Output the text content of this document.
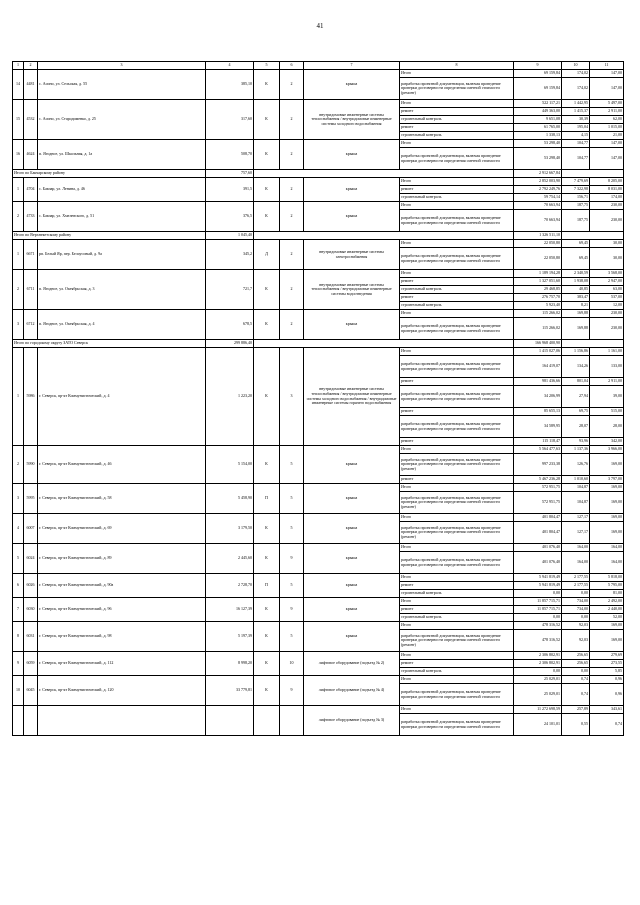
41
1	2	3	4	5	6	7	8	9	10	11
14	4481	с. Асино, ул. Сельская, д. 55	385,10	К	2	крыша	Итого	69 159,84	174,02	147,00
							разработка проектной документации, включая проведение проверки достоверности определения сметной стоимости (ремонт)	69 159,84	174,02	147,00
15	4532	с. Асино, ул. Стародименко, д. 25	317,60	К	2	внутридомовые инженерные системы теплоснабжения / внутридомовые инженерные системы холодного водоснабжения	Итого	522 117,21	1 442,95	5 497,00
							ремонт	449 363,00	1 415,37	2 911,00
							строительный контроль	9 651,08	30,39	62,00
							ремонт	61 765,00	195,04	1 015,00
							строительный контроль	1 338,13	4,15	21,00
16	4624	п. Ягодное, ул. Школьная, д. 1а	508,70	К	2	крыша	Итого	53 298,40	104,77	147,00
							разработка проектной документации, включая проведение проверки достоверности определения сметной стоимости	53 298,40	104,77	147,00
Итого по Бакчарскому району			757,60					2 912 667,84		
1	4704	с. Бакчар, ул. Ленина, д. 46	391,5	К	2	крыша	Итого	2 852 003,90	7 479,69	8 205,00
							ремонт	2 792 249,76	7 322,98	8 031,00
							строительный контроль	59 754,14	156,71	174,00
2	4733	с. Бакчар, ул. Хмелевского, д. 51	376,5	К	2	крыша	Итого	70 663,94	187,75	230,00
							разработка проектной документации, включая проведение проверки достоверности определения сметной стоимости	70 663,94	187,75	230,00
Итого по Верхнекетскому району			1 045,40					1 326 511,10		
1	6671	рп. Белый Яр, пер. Белоусовый, д. 9а	345,2	Д	2	внутридомовые инженерные системы электроснабжения	Итого	22 050,80	69,45	30,00
							разработка проектной документации, включая проведение проверки достоверности определения сметной стоимости	22 050,80	69,45	30,00
2	6711	п. Ягодное, ул. Октябрьская, д. 3	721,7	К	2	внутридомовые инженерные системы теплоснабжения / внутридомовые инженерные системы водоотведения	Итого	1 189 194,28	2 340,59	3 568,00
							ремонт	1 327 051,60	1 938,08	2 947,00
							строительный контроль	29 468,85	40,85	63,00
							ремонт	276 757,70	383,47	537,00
							строительный контроль	5 923,40	8,21	12,00
3	6712	п. Ягодное, ул. Октябрьская, д. 4	678,5	К	2	крыша	Итого	115 266,02	169,88	230,00
							разработка проектной документации, включая проведение проверки достоверности определения сметной стоимости	115 266,02	169,88	230,00
Итого по городскому округу ЗАТО Северск			299 886,40					166 968 400,90		
1	5986	г. Северск, пр-кт Коммунистический, д. 4	1 223,20	К	3	внутридомовые инженерные системы теплоснабжения / внутридомовые инженерные системы холодного водоснабжения / внутридомовые инженерные системы горячего водоснабжения	Итого	1 415 027,06	1 156,86	1 161,00
							разработка проектной документации, включая проведение проверки достоверности определения сметной стоимости	164 419,07	134,26	133,00
							ремонт	981 436,66	801,04	2 911,00
							разработка проектной документации, включая проведение проверки достоверности определения сметной стоимости	34 206,99	27,94	39,00
							ремонт	85 655,13	69,75	515,00
							разработка проектной документации, включая проведение проверки достоверности определения сметной стоимости	34 589,95	28,07	28,00
							ремонт	115 118,47	93,96	342,00
2	5990	г. Северск, пр-кт Коммунистический, д. 46	5 154,00	К	5	крыша	Итого	5 564 477,63	1 137,36	3 966,00
							разработка проектной документации, включая проведение проверки достоверности определения сметной стоимости (ремонт)	997 233,38	126,76	169,00
							ремонт	5 467 236,28	1 010,60	3 797,00
3	5995	г. Северск, пр-кт Коммунистический, д. 58	5 458,90	П	5	крыша	Итого	572 951,75	104,87	169,00
							разработка проектной документации, включая проведение проверки достоверности определения сметной стоимости (ремонт)	572 951,75	104,87	169,00
4	6007	г. Северск, пр-кт Коммунистический, д. 69	3 179,50	К	5	крыша	Итого	401 804,47	127,17	169,00
							разработка проектной документации, включая проведение проверки достоверности определения сметной стоимости (ремонт)	401 804,47	127,17	169,00
5	6024	г. Северск, пр-кт Коммунистический, д. 89	2 445,60	К	9	крыша	Итого	401 076,40	164,00	164,00
							разработка проектной документации, включая проведение проверки достоверности определения сметной стоимости	401 076,40	164,00	164,00
6	6026	г. Северск, пр-кт Коммунистический, д. 90а	2 728,70	П	5	крыша	Итого	5 941 819,49	2 177,55	5 818,00
							ремонт	5 941 819,49	2 177,55	5 795,00
							строительный контроль	0,00	0,00	81,00
7	6030	г. Северск, пр-кт Коммунистический, д. 96	16 127,39	К	9	крыша	Итого	11 857 715,71	734,00	2 492,00
							ремонт	11 857 715,71	734,00	2 440,00
							строительный контроль	0,00	0,00	52,00
8	6031	г. Северск, пр-кт Коммунистический, д. 98	5 197,39	К	5	крыша	Итого	478 316,52	92,03	169,00
							разработка проектной документации, включая проведение проверки достоверности определения сметной стоимости (ремонт)	478 316,52	92,03	169,00
9	6059	г. Северск, пр-кт Коммунистический, д. 112	8 998,20	К	10	лифтовое оборудование (подъезд № 2)	Итого	2 306 802,91	256,65	279,69
							ремонт	2 306 802,91	256,65	273,55
							строительный контроль	0,00	0,00	5,85
10	6045	г. Северск, пр-кт Коммунистический, д. 120	33 779,81	К	9	лифтовое оборудование (подъезд № 4)	Итого	25 029,01	0,74	0,96
							разработка проектной документации, включая проведение проверки достоверности определения сметной стоимости	25 029,01	0,74	0,96
						лифтовое оборудование (подъезд № 3)	Итого	11 272 698,59	257,89	343,61
							разработка проектной документации, включая проведение проверки достоверности определения сметной стоимости	24 101,01	0,55	0,74
